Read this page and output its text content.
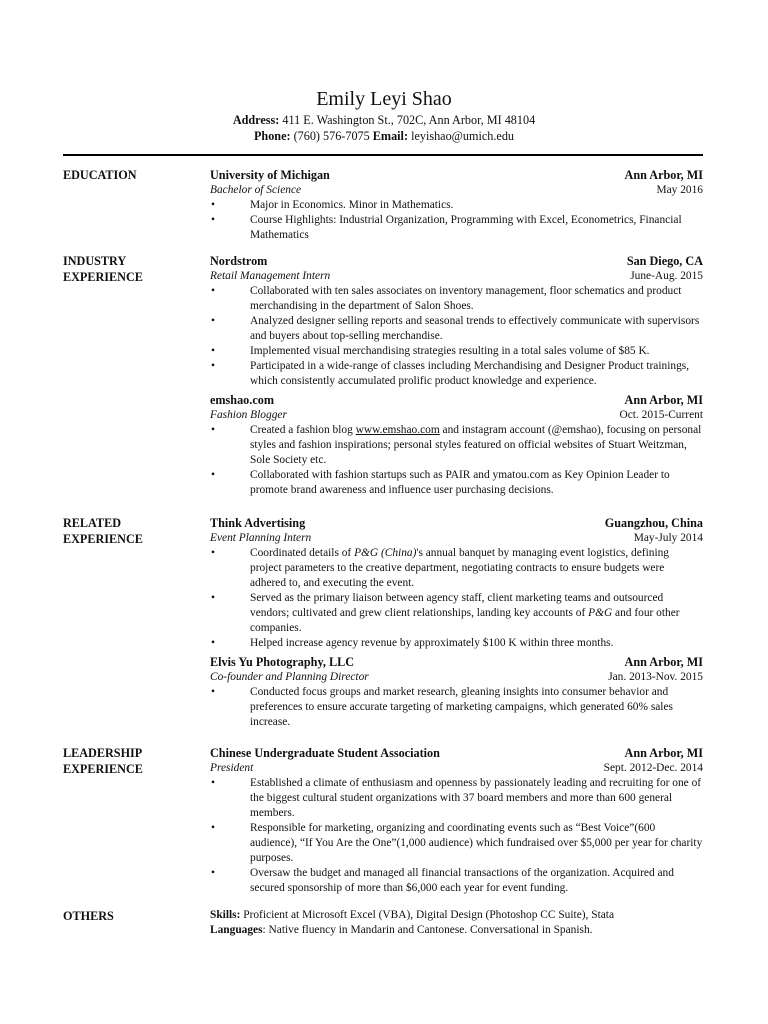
Emily Leyi Shao
Address: 411 E. Washington St., 702C, Ann Arbor, MI 48104
Phone: (760) 576-7075 Email: leyishao@umich.edu
EDUCATION	University of Michigan	Ann Arbor, MI
Bachelor of Science	May 2016
•	Major in Economics. Minor in Mathematics.
•	Course Highlights: Industrial Organization, Programming with Excel, Econometrics, Financial Mathematics
INDUSTRY
EXPERIENCE
Nordstrom	San Diego, CA
Retail Management Intern	June-Aug. 2015
•	Collaborated with ten sales associates on inventory management, floor schematics and product merchandising in the department of Salon Shoes.
•	Analyzed designer selling reports and seasonal trends to effectively communicate with supervisors and buyers about top-selling merchandise.
•	Implemented visual merchandising strategies resulting in a total sales volume of $85 K.
•	Participated in a wide-range of classes including Merchandising and Designer Product trainings, which consistently accumulated prolific product knowledge and experience.
emshao.com	Ann Arbor, MI
Fashion Blogger	Oct. 2015-Current
•	Created a fashion blog www.emshao.com and instagram account (@emshao), focusing on personal styles and fashion inspirations; personal styles featured on official websites of Stuart Weitzman, Sole Society etc.
•	Collaborated with fashion startups such as PAIR and ymatou.com as Key Opinion Leader to promote brand awareness and influence user purchasing decisions.
RELATED
EXPERIENCE
Think Advertising	Guangzhou, China
Event Planning Intern	May-July 2014
•	Coordinated details of P&G (China)'s annual banquet by managing event logistics, defining project parameters to the creative department, negotiating contracts to ensure budgets were adhered to, and executing the event.
•	Served as the primary liaison between agency staff, client marketing teams and outsourced vendors; cultivated and grew client relationships, landing key accounts of P&G and four other companies.
•	Helped increase agency revenue by approximately $100 K within three months.
Elvis Yu Photography, LLC	Ann Arbor, MI
Co-founder and Planning Director	Jan. 2013-Nov. 2015
•	Conducted focus groups and market research, gleaning insights into consumer behavior and preferences to ensure accurate targeting of marketing campaigns, which generated 60% sales increase.
LEADERSHIP
EXPERIENCE
Chinese Undergraduate Student Association	Ann Arbor, MI
President	Sept. 2012-Dec. 2014
•	Established a climate of enthusiasm and openness by passionately leading and recruiting for one of the biggest cultural student organizations with 37 board members and more than 600 general members.
•	Responsible for marketing, organizing and coordinating events such as “Best Voice”(600 audience), “If You Are the One”(1,000 audience) which fundraised over $5,000 per year for charity purposes.
•	Oversaw the budget and managed all financial transactions of the organization. Acquired and secured sponsorship of more than $6,000 each year for event funding.
OTHERS	Skills: Proficient at Microsoft Excel (VBA), Digital Design (Photoshop CC Suite), Stata
Languages: Native fluency in Mandarin and Cantonese. Conversational in Spanish.
